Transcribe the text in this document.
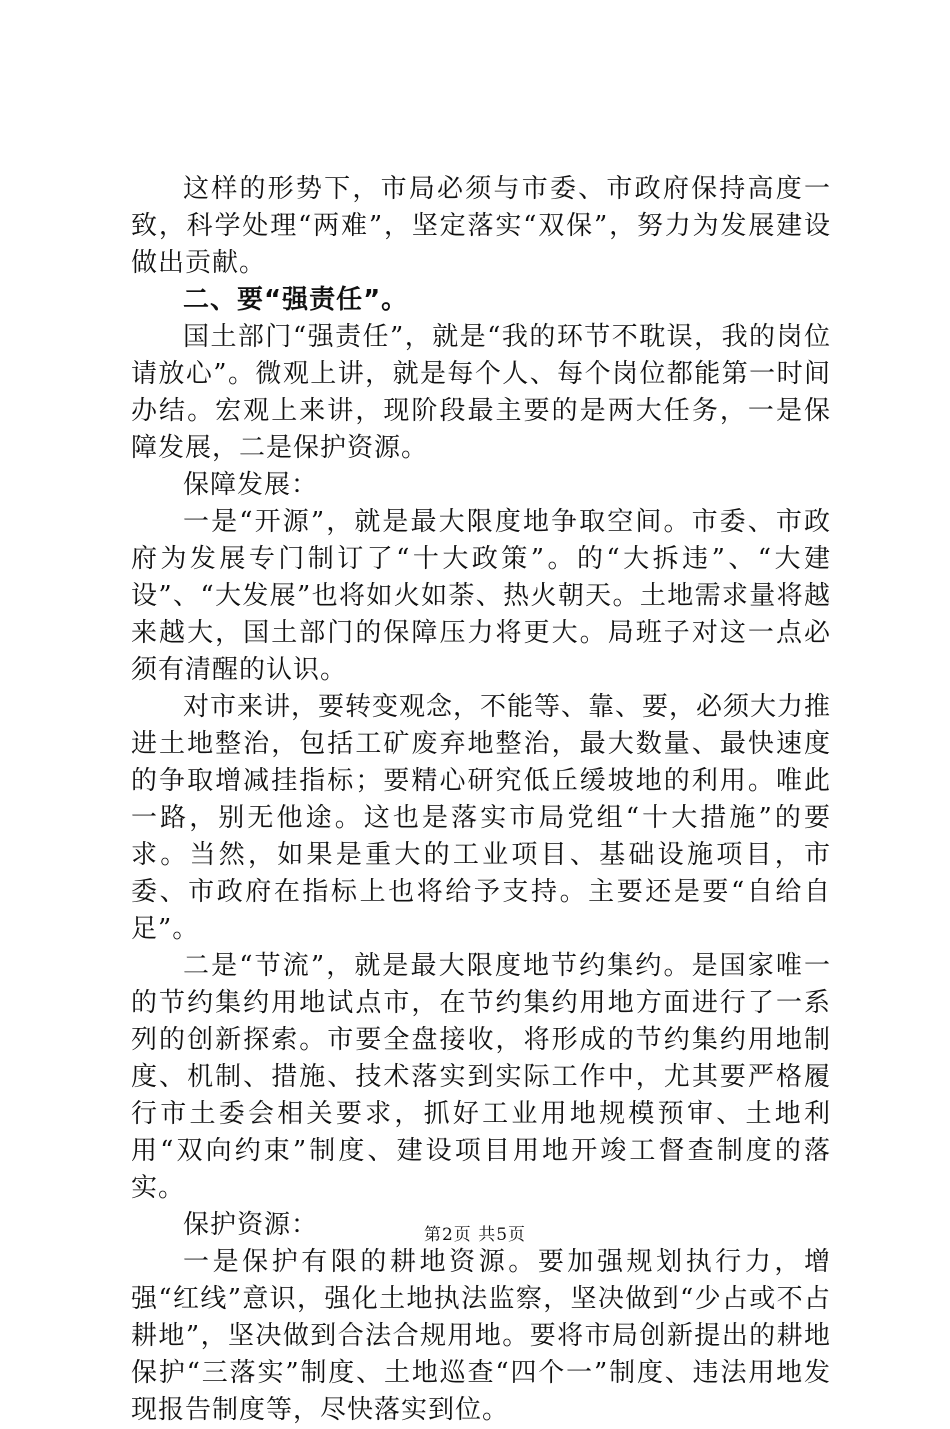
这样的形势下，市局必须与市委、市政府保持高度一致，科学处理“两难”，坚定落实“双保”，努力为发展建设做出贡献。

二、要“强责任”。

国土部门“强责任”，就是“我的环节不耽误，我的岗位请放心”。微观上讲，就是每个人、每个岗位都能第一时间办结。宏观上来讲，现阶段最主要的是两大任务，一是保障发展，二是保护资源。

保障发展：

一是“开源”，就是最大限度地争取空间。市委、市政府为发展专门制订了“十大政策”。的“大拆违”、“大建设”、“大发展”也将如火如荼、热火朝天。土地需求量将越来越大，国土部门的保障压力将更大。局班子对这一点必须有清醒的认识。

对市来讲，要转变观念，不能等、靠、要，必须大力推进土地整治，包括工矿废弃地整治，最大数量、最快速度的争取增减挂指标；要精心研究低丘缓坡地的利用。唯此一路，别无他途。这也是落实市局党组“十大措施”的要求。当然，如果是重大的工业项目、基础设施项目，市委、市政府在指标上也将给予支持。主要还是要“自给自足”。

二是“节流”，就是最大限度地节约集约。是国家唯一的节约集约用地试点市，在节约集约用地方面进行了一系列的创新探索。市要全盘接收，将形成的节约集约用地制度、机制、措施、技术落实到实际工作中，尤其要严格履行市土委会相关要求，抓好工业用地规模预审、土地利用“双向约束”制度、建设项目用地开竣工督查制度的落实。

保护资源：

一是保护有限的耕地资源。要加强规划执行力，增强“红线”意识，强化土地执法监察，坚决做到“少占或不占耕地”，坚决做到合法合规用地。要将市局创新提出的耕地保护“三落实”制度、土地巡查“四个一”制度、违法用地发现报告制度等，尽快落实到位。

第2页 共5页
